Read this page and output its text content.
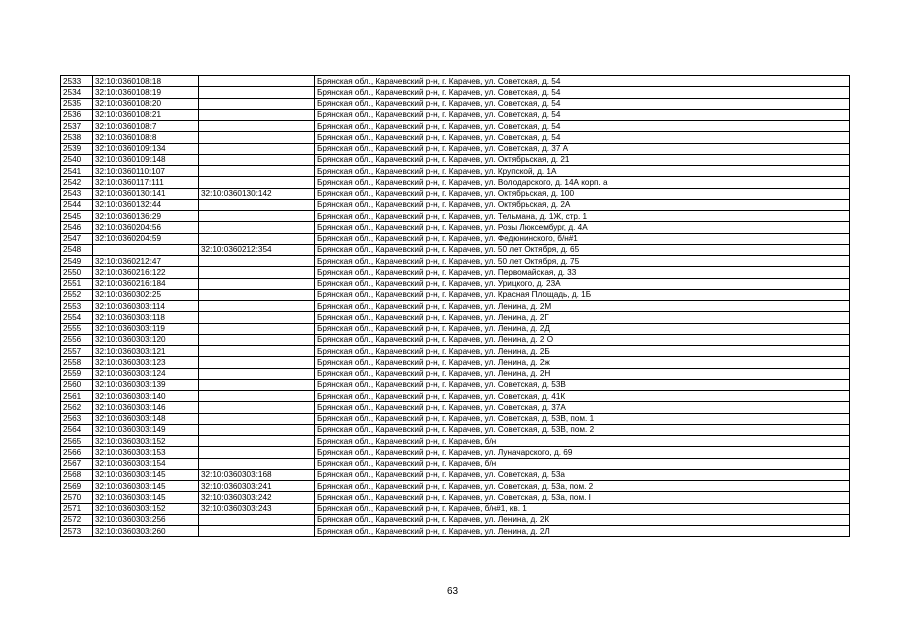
2533	32:10:0360108:18		Брянская обл., Карачевский р-н, г. Карачев, ул. Советская, д. 54
2534	32:10:0360108:19		Брянская обл., Карачевский р-н, г. Карачев, ул. Советская, д. 54
2535	32:10:0360108:20		Брянская обл., Карачевский р-н, г. Карачев, ул. Советская, д. 54
2536	32:10:0360108:21		Брянская обл., Карачевский р-н, г. Карачев, ул. Советская, д. 54
2537	32:10:0360108:7		Брянская обл., Карачевский р-н, г. Карачев, ул. Советская, д. 54
2538	32:10:0360108:8		Брянская обл., Карачевский р-н, г. Карачев, ул. Советская, д. 54
2539	32:10:0360109:134		Брянская обл., Карачевский р-н, г. Карачев, ул. Советская, д. 37 А
2540	32:10:0360109:148		Брянская обл., Карачевский р-н, г. Карачев, ул. Октябрьская, д. 21
2541	32:10:0360110:107		Брянская обл., Карачевский р-н, г. Карачев, ул. Крупской, д. 1А
2542	32:10:0360117:111		Брянская обл., Карачевский р-н, г. Карачев, ул. Володарского, д. 14А корп. а
2543	32:10:0360130:141	32:10:0360130:142	Брянская обл., Карачевский р-н, г. Карачев, ул. Октябрьская, д. 100
2544	32:10:0360132:44		Брянская обл., Карачевский р-н, г. Карачев, ул. Октябрьская, д. 2А
2545	32:10:0360136:29		Брянская обл., Карачевский р-н, г. Карачев, ул. Тельмана, д. 1Ж, стр. 1
2546	32:10:0360204:56		Брянская обл., Карачевский р-н, г. Карачев, ул. Розы Люксембург, д. 4А
2547	32:10:0360204:59		Брянская обл., Карачевский р-н, г. Карачев, ул. Федюнинского, б/н#1
2548		32:10:0360212:354	Брянская обл., Карачевский р-н, г. Карачев, ул. 50 лет Октября, д. 65
2549	32:10:0360212:47		Брянская обл., Карачевский р-н, г. Карачев, ул. 50 лет Октября, д. 75
2550	32:10:0360216:122		Брянская обл., Карачевский р-н, г. Карачев, ул. Первомайская, д. 33
2551	32:10:0360216:184		Брянская обл., Карачевский р-н, г. Карачев, ул. Урицкого, д. 23А
2552	32:10:0360302:25		Брянская обл., Карачевский р-н, г. Карачев, ул. Красная Площадь, д. 1Б
2553	32:10:0360303:114		Брянская обл., Карачевский р-н, г. Карачев, ул. Ленина, д. 2М
2554	32:10:0360303:118		Брянская обл., Карачевский р-н, г. Карачев, ул. Ленина, д. 2Г
2555	32:10:0360303:119		Брянская обл., Карачевский р-н, г. Карачев, ул. Ленина, д. 2Д
2556	32:10:0360303:120		Брянская обл., Карачевский р-н, г. Карачев, ул. Ленина, д. 2 О
2557	32:10:0360303:121		Брянская обл., Карачевский р-н, г. Карачев, ул. Ленина, д. 2Б
2558	32:10:0360303:123		Брянская обл., Карачевский р-н, г. Карачев, ул. Ленина, д. 2ж
2559	32:10:0360303:124		Брянская обл., Карачевский р-н, г. Карачев, ул. Ленина, д. 2Н
2560	32:10:0360303:139		Брянская обл., Карачевский р-н, г. Карачев, ул. Советская, д. 53В
2561	32:10:0360303:140		Брянская обл., Карачевский р-н, г. Карачев, ул. Советская, д. 41К
2562	32:10:0360303:146		Брянская обл., Карачевский р-н, г. Карачев, ул. Советская, д. 37А
2563	32:10:0360303:148		Брянская обл., Карачевский р-н, г. Карачев, ул. Советская, д. 53В, пом. 1
2564	32:10:0360303:149		Брянская обл., Карачевский р-н, г. Карачев, ул. Советская, д. 53В, пом. 2
2565	32:10:0360303:152		Брянская обл., Карачевский р-н, г. Карачев, б/н
2566	32:10:0360303:153		Брянская обл., Карачевский р-н, г. Карачев, ул. Луначарского, д. 69
2567	32:10:0360303:154		Брянская обл., Карачевский р-н, г. Карачев, б/н
2568	32:10:0360303:145	32:10:0360303:168	Брянская обл., Карачевский р-н, г. Карачев, ул. Советская, д. 53а
2569	32:10:0360303:145	32:10:0360303:241	Брянская обл., Карачевский р-н, г. Карачев, ул. Советская, д. 53а, пом. 2
2570	32:10:0360303:145	32:10:0360303:242	Брянская обл., Карачевский р-н, г. Карачев, ул. Советская, д. 53а, пом. I
2571	32:10:0360303:152	32:10:0360303:243	Брянская обл., Карачевский р-н, г. Карачев, б/н#1, кв. 1
2572	32:10:0360303:256		Брянская обл., Карачевский р-н, г. Карачев, ул. Ленина, д. 2К
2573	32:10:0360303:260		Брянская обл., Карачевский р-н, г. Карачев, ул. Ленина, д. 2Л
63
